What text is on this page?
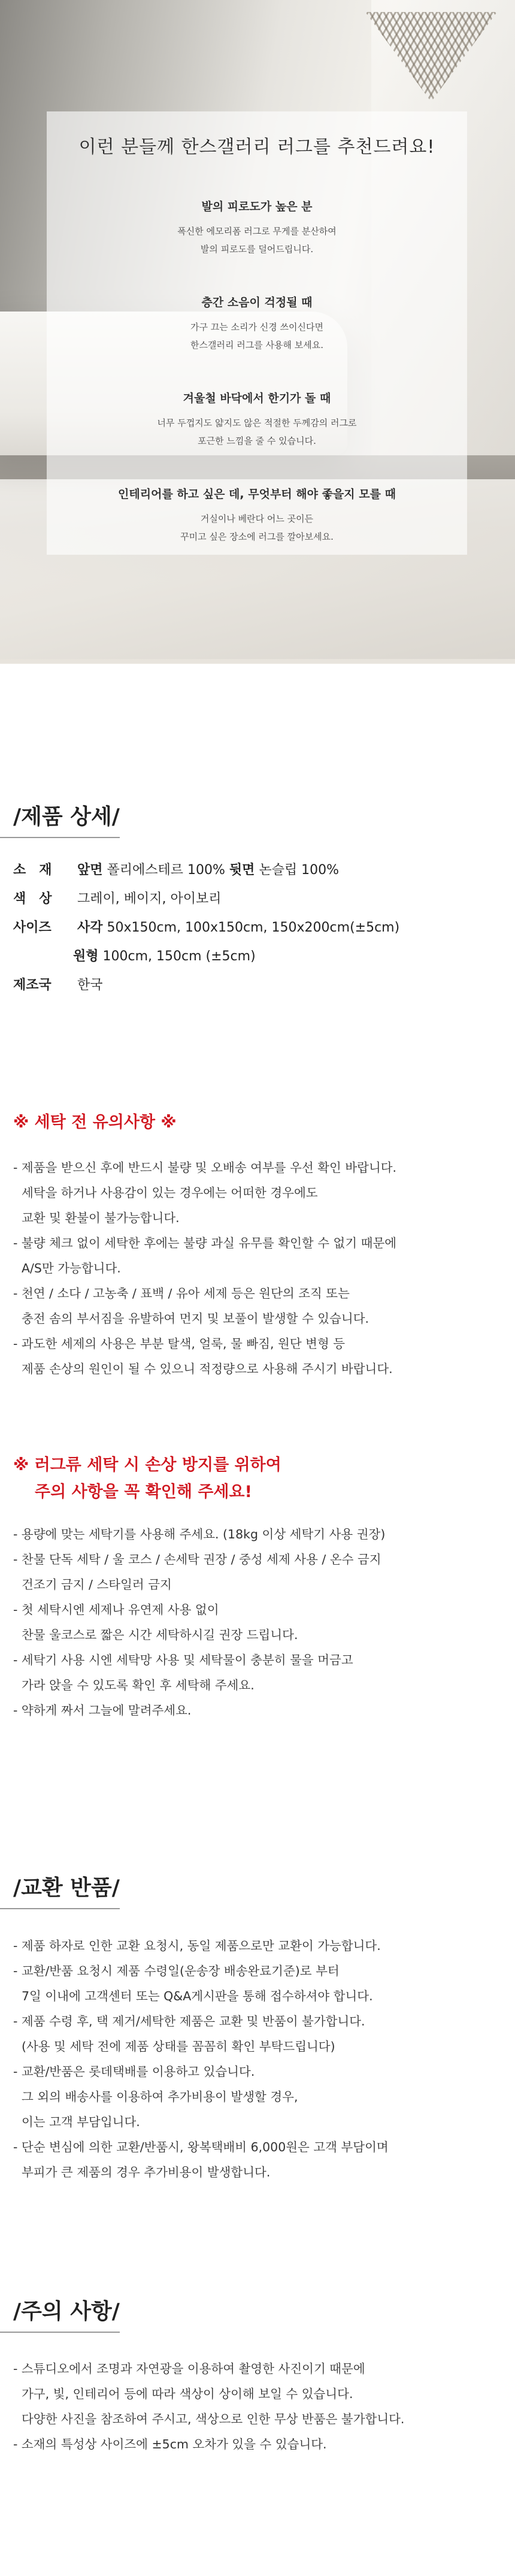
이런 분들께 한스갤러리 러그를 추천드려요!
발의 피로도가 높은 분

폭신한 에모리폼 러그로 무게를 분산하여

발의 피로도를 덜어드립니다.

층간 소음이 걱정될 때

가구 끄는 소리가 신경 쓰이신다면

한스갤러리 러그를 사용해 보세요.

겨울철 바닥에서 한기가 돌 때

너무 두껍지도 얇지도 않은 적절한 두께감의 러그로

포근한 느낌을 줄 수 있습니다.

인테리어를 하고 싶은 데, 무엇부터 해야 좋을지 모를 때

거실이나 베란다 어느 곳이든

꾸미고 싶은 장소에 러그를 깔아보세요.

/제품 상세/
소　재 앞면 폴리에스테르 100% 뒷면 논슬립 100%
색　상 그레이, 베이지, 아이보리
사이즈 사각 50x150cm, 100x150cm, 150x200cm(±5cm)
원형 100cm, 150cm (±5cm)
제조국 한국
※ 세탁 전 유의사항 ※
- 제품을 받으신 후에 반드시 불량 및 오배송 여부를 우선 확인 바랍니다.
세탁을 하거나 사용감이 있는 경우에는 어떠한 경우에도
교환 및 환불이 불가능합니다.
- 불량 체크 없이 세탁한 후에는 불량 과실 유무를 확인할 수 없기 때문에
A/S만 가능합니다.
- 천연 / 소다 / 고농축 / 표백 / 유아 세제 등은 원단의 조직 또는
충전 솜의 부서짐을 유발하여 먼지 및 보풀이 발생할 수 있습니다.
- 과도한 세제의 사용은 부분 탈색, 얼룩, 물 빠짐, 원단 변형 등
제품 손상의 원인이 될 수 있으니 적정량으로 사용해 주시기 바랍니다.
※ 러그류 세탁 시 손상 방지를 위하여
주의 사항을 꼭 확인해 주세요!
- 용량에 맞는 세탁기를 사용해 주세요. (18kg 이상 세탁기 사용 권장)
- 찬물 단독 세탁 / 울 코스 / 손세탁 권장 / 중성 세제 사용 / 온수 금지
건조기 금지 / 스타일러 금지
- 첫 세탁시엔 세제나 유연제 사용 없이
찬물 울코스로 짧은 시간 세탁하시길 권장 드립니다.
- 세탁기 사용 시엔 세탁망 사용 및 세탁물이 충분히 물을 머금고
가라 앉을 수 있도록 확인 후 세탁해 주세요.
- 약하게 짜서 그늘에 말려주세요.
/교환 반품/
- 제품 하자로 인한 교환 요청시, 동일 제품으로만 교환이 가능합니다.
- 교환/반품 요청시 제품 수령일(운송장 배송완료기준)로 부터
7일 이내에 고객센터 또는 Q&A게시판을 통해 접수하셔야 합니다.
- 제품 수령 후, 택 제거/세탁한 제품은 교환 및 반품이 불가합니다.
(사용 및 세탁 전에 제품 상태를 꼼꼼히 확인 부탁드립니다)
- 교환/반품은 롯데택배를 이용하고 있습니다.
그 외의 배송사를 이용하여 추가비용이 발생할 경우,
이는 고객 부담입니다.
- 단순 변심에 의한 교환/반품시, 왕복택배비 6,000원은 고객 부담이며
부피가 큰 제품의 경우 추가비용이 발생합니다.
/주의 사항/
- 스튜디오에서 조명과 자연광을 이용하여 촬영한 사진이기 때문에
가구, 빛, 인테리어 등에 따라 색상이 상이해 보일 수 있습니다.
다양한 사진을 참조하여 주시고, 색상으로 인한 무상 반품은 불가합니다.
- 소재의 특성상 사이즈에 ±5cm 오차가 있을 수 있습니다.
